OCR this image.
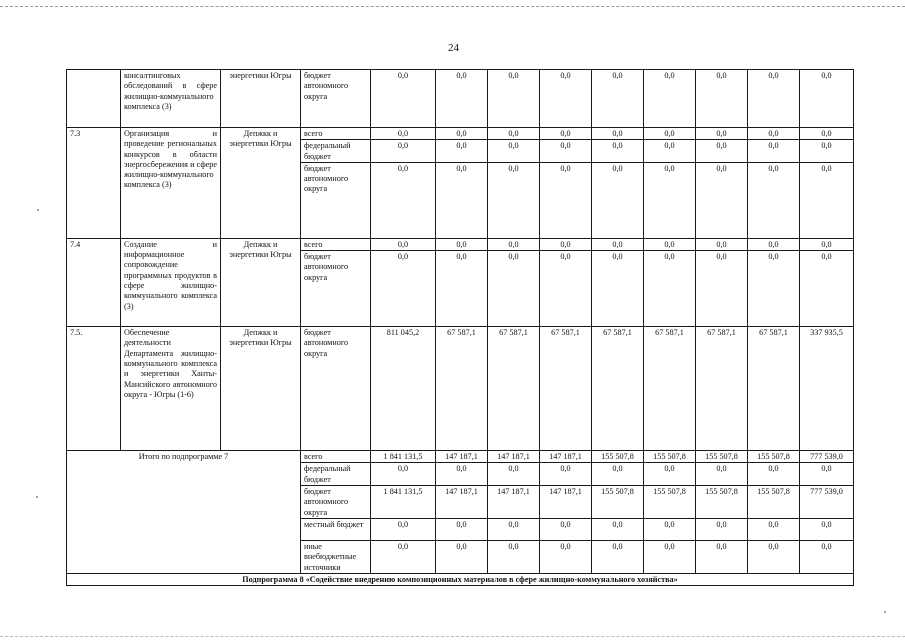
24
	консалтинговых обследований в сфере жилищно-коммунального комплекса (3)	энергетики Югры	бюджет автономного округа	0,0	0,0	0,0	0,0	0,0	0,0	0,0	0,0	0,0
7.3	Организация и проведение региональных конкурсов в области энергосбережения и сфере жилищно-коммунального комплекса (3)	Депжкк и энергетики Югры	всего	0,0	0,0	0,0	0,0	0,0	0,0	0,0	0,0	0,0
			федеральный бюджет	0,0	0,0	0,0	0,0	0,0	0,0	0,0	0,0	0,0
			бюджет автономного округа	0,0	0,0	0,0	0,0	0,0	0,0	0,0	0,0	0,0
7.4	Создание и информационное сопровождение программных продуктов в сфере жилищно-коммунального комплекса (3)	Депжкк и энергетики Югры	всего	0,0	0,0	0,0	0,0	0,0	0,0	0,0	0,0	0,0
			бюджет автономного округа	0,0	0,0	0,0	0,0	0,0	0,0	0,0	0,0	0,0
7.5.	Обеспечение деятельности Департамента жилищно-коммунального комплекса и энергетики Ханты-Мансийского автономного округа - Югры (1-6)	Депжкк и энергетики Югры	бюджет автономного округа	811 045,2	67 587,1	67 587,1	67 587,1	67 587,1	67 587,1	67 587,1	67 587,1	337 935,5
Итого по подпрограмме 7			всего	1 841 131,5	147 187,1	147 187,1	147 187,1	155 507,8	155 507,8	155 507,8	155 507,8	777 539,0
			федеральный бюджет	0,0	0,0	0,0	0,0	0,0	0,0	0,0	0,0	0,0
			бюджет автономного округа	1 841 131,5	147 187,1	147 187,1	147 187,1	155 507,8	155 507,8	155 507,8	155 507,8	777 539,0
			местный бюджет	0,0	0,0	0,0	0,0	0,0	0,0	0,0	0,0	0,0
			иные внебюджетные источники	0,0	0,0	0,0	0,0	0,0	0,0	0,0	0,0	0,0
Подпрограмма 8 «Содействие внедрению композиционных материалов в сфере жилищно-коммунального хозяйства»												
